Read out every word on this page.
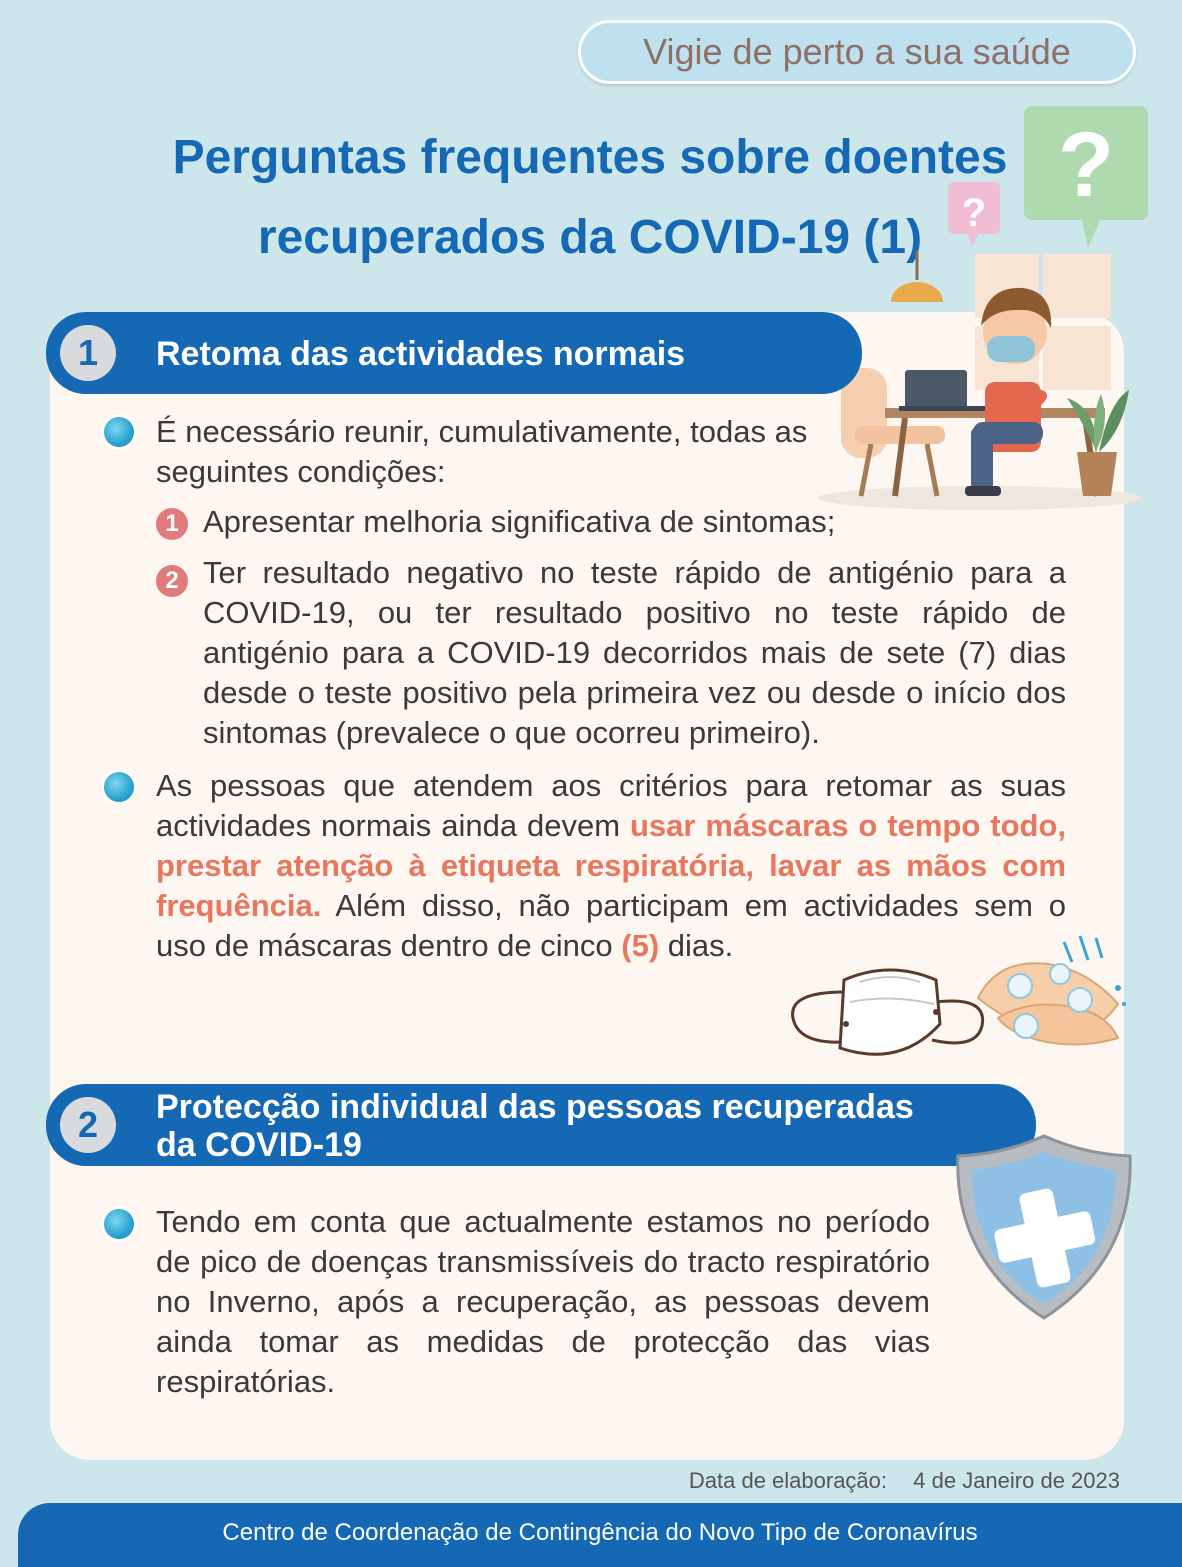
Vigie de perto a sua saúde
?
?
Perguntas frequentes sobre doentes
recuperados da COVID-19 (1)
1	Retoma das actividades normais
É necessário reunir, cumulativamente, todas as
seguintes condições:
1 Apresentar melhoria significativa de sintomas;
2 Ter resultado negativo no teste rápido de antigénio para a COVID-19, ou ter resultado positivo no teste rápido de antigénio para a COVID-19 decorridos mais de sete (7) dias desde o teste positivo pela primeira vez ou desde o início dos sintomas (prevalece o que ocorreu primeiro).
As pessoas que atendem aos critérios para retomar as suas actividades normais ainda devem usar máscaras o tempo todo, prestar atenção à etiqueta respiratória, lavar as mãos com frequência. Além disso, não participam em actividades sem o uso de máscaras dentro de cinco (5) dias.
2	Protecção individual das pessoas recuperadas
da COVID-19
Tendo em conta que actualmente estamos no período de pico de doenças transmissíveis do tracto respiratório no Inverno, após a recuperação, as pessoas devem ainda tomar as medidas de protecção das vias respiratórias.
Data de elaboração: 4 de Janeiro de 2023
Centro de Coordenação de Contingência do Novo Tipo de Coronavírus
